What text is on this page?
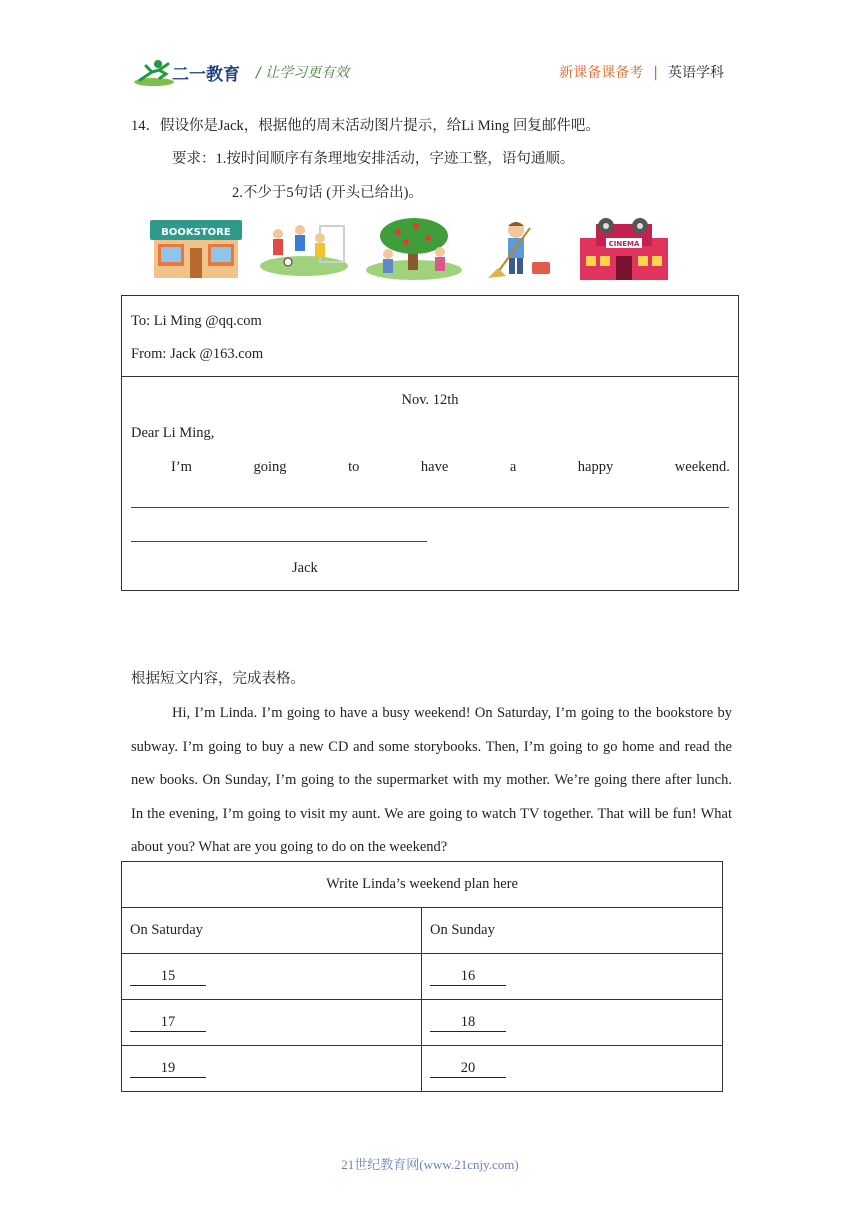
二一教育 / 让学习更有效	新课备课备考 | 英语学科
14．假设你是Jack，根据他的周末活动图片提示，给Li Ming 回复邮件吧。
要求：1.按时间顺序有条理地安排活动，字迹工整，语句通顺。
2.不少于5句话 (开头已给出)。
BOOKSTORE
CINEMA
To: Li Ming @qq.com
From: Jack @163.com
Nov. 12th
Dear Li Ming,
I’m	going	to	have	a	happy	weekend.
Jack
根据短文内容，完成表格。
Hi, I’m Linda. I’m going to have a busy weekend! On Saturday, I’m going to the bookstore by subway. I’m going to buy a new CD and some storybooks. Then, I’m going to go home and read the new books. On Sunday, I’m going to the supermarket with my mother. We’re going there after lunch. In the evening, I’m going to visit my aunt. We are going to watch TV together. That will be fun! What about you? What are you going to do on the weekend?
Write Linda’s weekend plan here	
On Saturday	On Sunday
15	16
17	18
19	20
21世纪教育网(www.21cnjy.com)
